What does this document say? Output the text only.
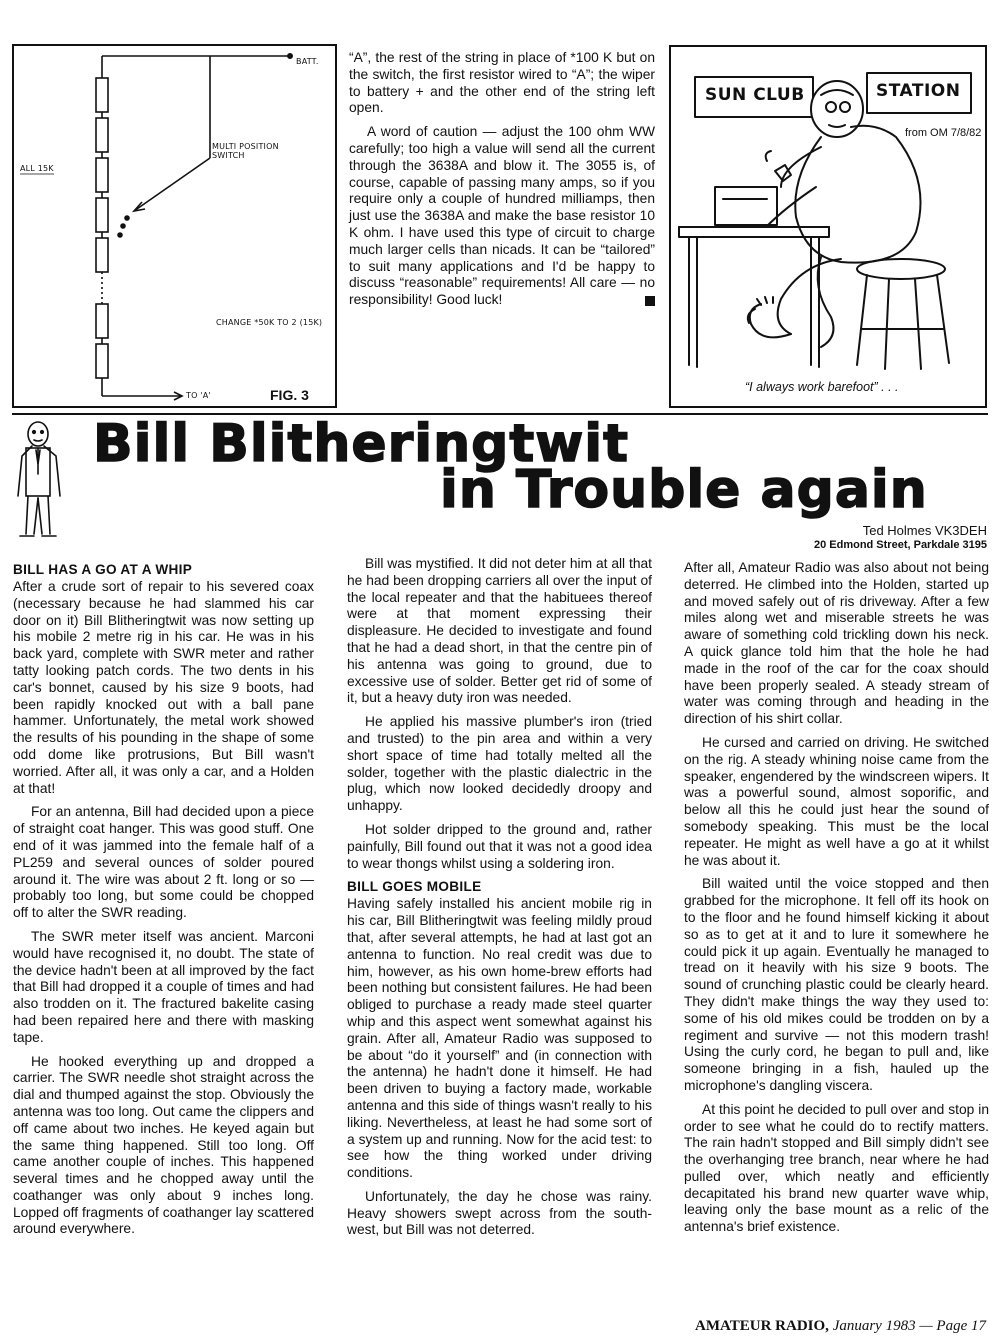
BATT.
MULTI POSITION
SWITCH
ALL 15K
CHANGE *50K TO 2 (15K)
TO 'A'	FIG. 3

“A”, the rest of the string in place of *100 K but on the switch, the first resistor wired to “A”; the wiper to battery + and the other end of the string left open.

A word of caution — adjust the 100 ohm WW carefully; too high a value will send all the current through the 3638A and blow it. The 3055 is, of course, capable of passing many amps, so if you require only a couple of hundred milliamps, then just use the 3638A and make the base resistor 10 K ohm. I have used this type of circuit to charge much larger cells than nicads. It can be “tailored” to suit many applications and I'd be happy to discuss “reasonable” requirements! All care — no responsibility! Good luck!

SUN CLUB	STATION
from OM 7/8/82
“I always work barefoot” . . .
Bill Blitheringtwit
in Trouble again
Ted Holmes VK3DEH
20 Edmond Street, Parkdale 3195
BILL HAS A GO AT A WHIP

After a crude sort of repair to his severed coax (necessary because he had slammed his car door on it) Bill Blitheringtwit was now setting up his mobile 2 metre rig in his car. He was in his back yard, complete with SWR meter and rather tatty looking patch cords. The two dents in his car's bonnet, caused by his size 9 boots, had been rapidly knocked out with a ball pane hammer. Unfortunately, the metal work showed the results of his pounding in the shape of some odd dome like protrusions, But Bill wasn't worried. After all, it was only a car, and a Holden at that!

For an antenna, Bill had decided upon a piece of straight coat hanger. This was good stuff. One end of it was jammed into the female half of a PL259 and several ounces of solder poured around it. The wire was about 2 ft. long or so — probably too long, but some could be chopped off to alter the SWR reading.

The SWR meter itself was ancient. Marconi would have recognised it, no doubt. The state of the device hadn't been at all improved by the fact that Bill had dropped it a couple of times and had also trodden on it. The fractured bakelite casing had been repaired here and there with masking tape.

He hooked everything up and dropped a carrier. The SWR needle shot straight across the dial and thumped against the stop. Obviously the antenna was too long. Out came the clippers and off came about two inches. He keyed again but the same thing happened. Still too long. Off came another couple of inches. This happened several times and he chopped away until the coathanger was only about 9 inches long. Lopped off fragments of coathanger lay scattered around everywhere.

Bill was mystified. It did not deter him at all that he had been dropping carriers all over the input of the local repeater and that the habituees thereof were at that moment expressing their displeasure. He decided to investigate and found that he had a dead short, in that the centre pin of his antenna was going to ground, due to excessive use of solder. Better get rid of some of it, but a heavy duty iron was needed.

He applied his massive plumber's iron (tried and trusted) to the pin area and within a very short space of time had totally melted all the solder, together with the plastic dialectric in the plug, which now looked decidedly droopy and unhappy.

Hot solder dripped to the ground and, rather painfully, Bill found out that it was not a good idea to wear thongs whilst using a soldering iron.

BILL GOES MOBILE

Having safely installed his ancient mobile rig in his car, Bill Blitheringtwit was feeling mildly proud that, after several attempts, he had at last got an antenna to function. No real credit was due to him, however, as his own home-brew efforts had been nothing but consistent failures. He had been obliged to purchase a ready made steel quarter whip and this aspect went somewhat against his grain. After all, Amateur Radio was supposed to be about “do it yourself” and (in connection with the antenna) he hadn't done it himself. He had been driven to buying a factory made, workable antenna and this side of things wasn't really to his liking. Nevertheless, at least he had some sort of a system up and running. Now for the acid test: to see how the thing worked under driving conditions.

Unfortunately, the day he chose was rainy. Heavy showers swept across from the south-west, but Bill was not deterred.

After all, Amateur Radio was also about not being deterred. He climbed into the Holden, started up and moved safely out of ris driveway. After a few miles along wet and miserable streets he was aware of something cold trickling down his neck. A quick glance told him that the hole he had made in the roof of the car for the coax should have been properly sealed. A steady stream of water was coming through and heading in the direction of his shirt collar.

He cursed and carried on driving. He switched on the rig. A steady whining noise came from the speaker, engendered by the windscreen wipers. It was a powerful sound, almost soporific, and below all this he could just hear the sound of somebody speaking. This must be the local repeater. He might as well have a go at it whilst he was about it.

Bill waited until the voice stopped and then grabbed for the microphone. It fell off its hook on to the floor and he found himself kicking it about so as to get at it and to lure it somewhere he could pick it up again. Eventually he managed to tread on it heavily with his size 9 boots. The sound of crunching plastic could be clearly heard. They didn't make things the way they used to: some of his old mikes could be trodden on by a regiment and survive — not this modern trash! Using the curly cord, he began to pull and, like someone bringing in a fish, hauled up the microphone's dangling viscera.

At this point he decided to pull over and stop in order to see what he could do to rectify matters. The rain hadn't stopped and Bill simply didn't see the overhanging tree branch, near where he had pulled over, which neatly and efficiently decapitated his brand new quarter wave whip, leaving only the base mount as a relic of the antenna's brief existence.

AMATEUR RADIO, January 1983 — Page 17
